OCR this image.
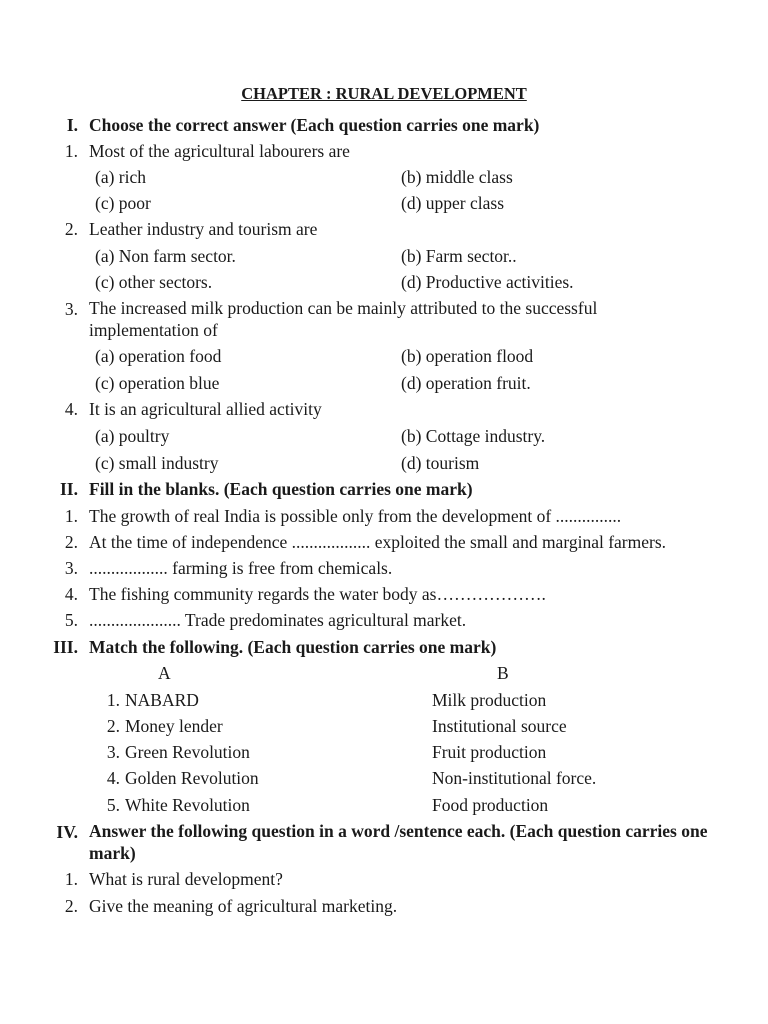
CHAPTER : RURAL DEVELOPMENT
I. Choose the correct answer (Each question carries one mark)
1. Most of the agricultural labourers are
(a) rich	(b) middle class
(c) poor	(d) upper class
2. Leather industry and tourism are
(a) Non farm sector.	(b) Farm sector..
(c) other sectors.	(d) Productive activities.
3. The increased milk production can be mainly attributed to the successful implementation of
(a) operation food	(b) operation flood
(c) operation blue	(d) operation fruit.
4. It is an agricultural allied activity
(a) poultry	(b) Cottage industry.
(c) small industry	(d) tourism
II. Fill in the blanks. (Each question carries one mark)
1. The growth of real India is possible only from the development of ...............
2. At the time of independence .................. exploited the small and marginal farmers.
3. .................. farming is free from chemicals.
4. The fishing community regards the water body as……………….
5. ..................... Trade predominates agricultural market.
III. Match the following. (Each question carries one mark)
A	B
1. NABARD	Milk production
2. Money lender	Institutional source
3. Green Revolution	Fruit production
4. Golden Revolution	Non-institutional force.
5. White Revolution	Food production
IV. Answer the following question in a word /sentence each. (Each question carries one mark)
1. What is rural development?
2. Give the meaning of agricultural marketing.
